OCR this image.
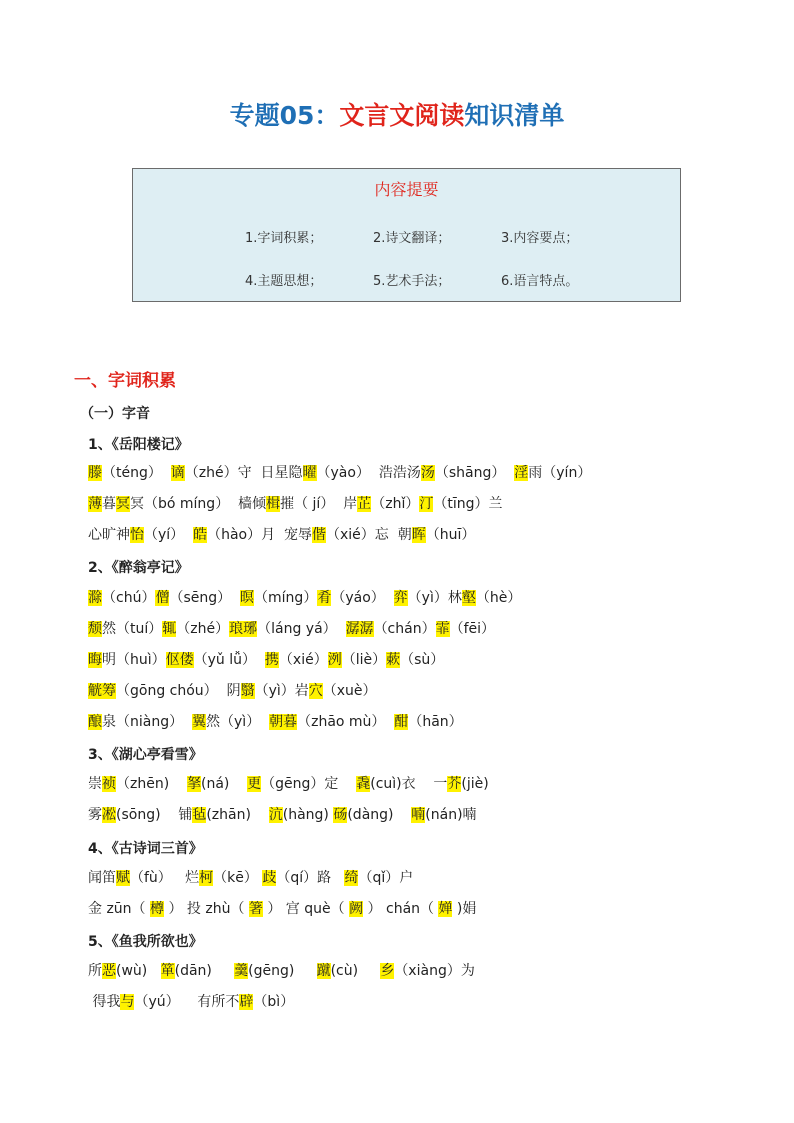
专题05：文言文阅读知识清单
内容提要
1.字词积累；	2.诗文翻译；	3.内容要点；
4.主题思想；	5.艺术手法；	6.语言特点。
一、字词积累
（一）字音
1、《岳阳楼记》
滕（téng）  谪（zhé）守  日星隐曜（yào）  浩浩汤汤（shāng）  淫雨（yín）
薄暮冥冥（bó míng）  樯倾楫摧（ jí）  岸芷（zhǐ）汀（tīng）兰
心旷神怡（yí）  皓（hào）月  宠辱偕（xié）忘  朝晖（huī）
2、《醉翁亭记》
滁（chú）僧（sēng）  暝（míng）肴（yáo）  弈（yì）林壑（hè）
颓然（tuí）辄（zhé）琅琊（láng yá）  潺潺（chán）霏（fēi）
晦明（huì）伛偻（yǔ lǚ）  携（xié）洌（liè）蔌（sù）
觥筹（gōng chóu）  阴翳（yì）岩穴（xuè）
酿泉（niàng）  翼然（yì）  朝暮（zhāo mù）  酣（hān）
3、《湖心亭看雪》
崇祯（zhēn)    拏(ná)    更（gēng）定    毳(cuì)衣    一芥(jiè)
雾凇(sōng)    铺毡(zhān)    沆(hàng) 砀(dàng)    喃(nán)喃
4、《古诗词三首》
闻笛赋（fù）   烂柯（kē） 歧（qí）路   绮（qǐ）户
金 zūn（ 樽 ） 投 zhù（ 箸 ） 宫 què（ 阙 ） chán（ 婵 )娟
5、《鱼我所欲也》
所恶(wù)   箪(dān)     羹(gēng)     蹴(cù)     乡（xiàng）为
得我与（yú）    有所不辟（bì）
